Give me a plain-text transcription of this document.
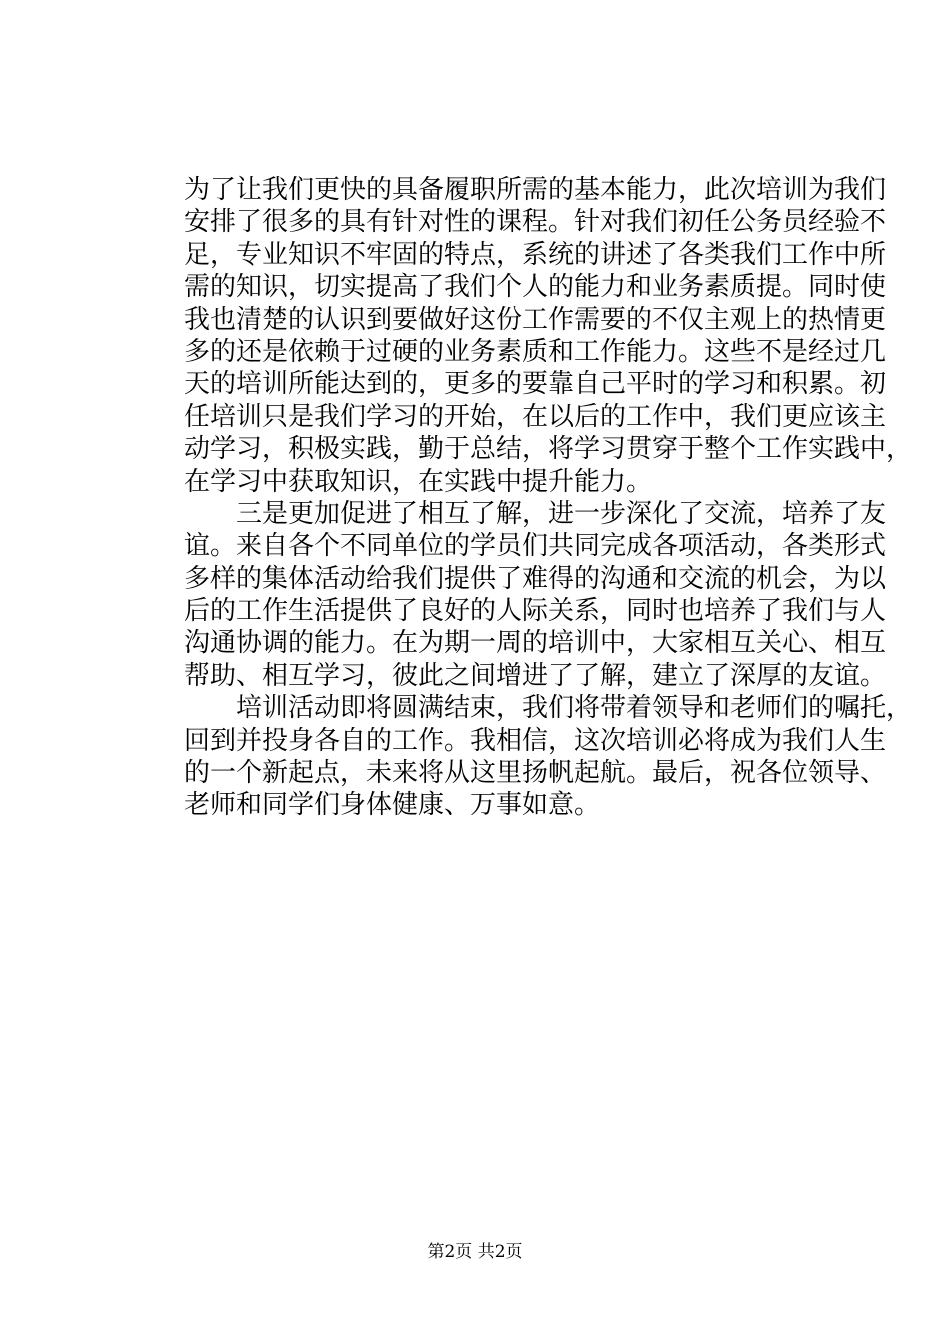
为了让我们更快的具备履职所需的基本能力，此次培训为我们
安排了很多的具有针对性的课程。针对我们初任公务员经验不
足，专业知识不牢固的特点，系统的讲述了各类我们工作中所
需的知识，切实提高了我们个人的能力和业务素质提。同时使
我也清楚的认识到要做好这份工作需要的不仅主观上的热情更
多的还是依赖于过硬的业务素质和工作能力。这些不是经过几
天的培训所能达到的，更多的要靠自己平时的学习和积累。初
任培训只是我们学习的开始，在以后的工作中，我们更应该主
动学习，积极实践，勤于总结，将学习贯穿于整个工作实践中，
在学习中获取知识，在实践中提升能力。
　　三是更加促进了相互了解，进一步深化了交流，培养了友
谊。来自各个不同单位的学员们共同完成各项活动，各类形式
多样的集体活动给我们提供了难得的沟通和交流的机会，为以
后的工作生活提供了良好的人际关系，同时也培养了我们与人
沟通协调的能力。在为期一周的培训中，大家相互关心、相互
帮助、相互学习，彼此之间增进了了解，建立了深厚的友谊。
　　培训活动即将圆满结束，我们将带着领导和老师们的嘱托，
回到并投身各自的工作。我相信，这次培训必将成为我们人生
的一个新起点，未来将从这里扬帆起航。最后，祝各位领导、
老师和同学们身体健康、万事如意。
第2页 共2页
